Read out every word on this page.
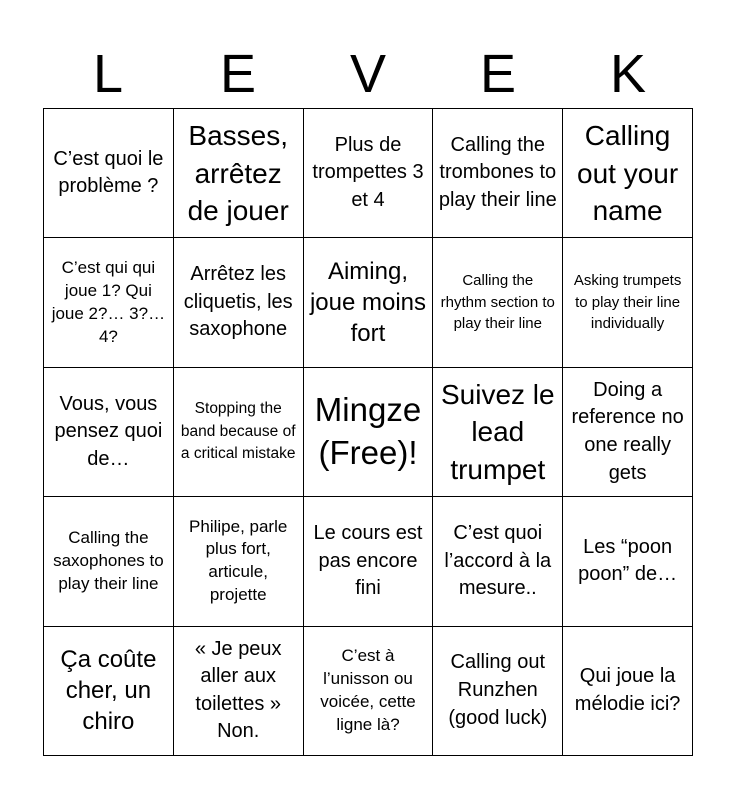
L	E	V	E	K
C’est quoi le problème ?
Basses, arrêtez de jouer
Plus de trompettes 3 et 4
Calling the trombones to play their line
Calling out your name
C’est qui qui joue 1? Qui joue 2?… 3?… 4?
Arrêtez les cliquetis, les saxophone
Aiming, joue moins fort
Calling the rhythm section to play their line
Asking trumpets to play their line individually
Vous, vous pensez quoi de…
Stopping the band because of a critical mistake
Mingze (Free)!
Suivez le lead trumpet
Doing a reference no one really gets
Calling the saxophones to play their line
Philipe, parle plus fort, articule, projette
Le cours est pas encore fini
C’est quoi l’accord à la mesure..
Les “poon poon” de…
Ça coûte cher, un chiro
« Je peux aller aux toilettes » Non.
C’est à l’unisson ou voicée, cette ligne là?
Calling out Runzhen (good luck)
Qui joue la mélodie ici?
